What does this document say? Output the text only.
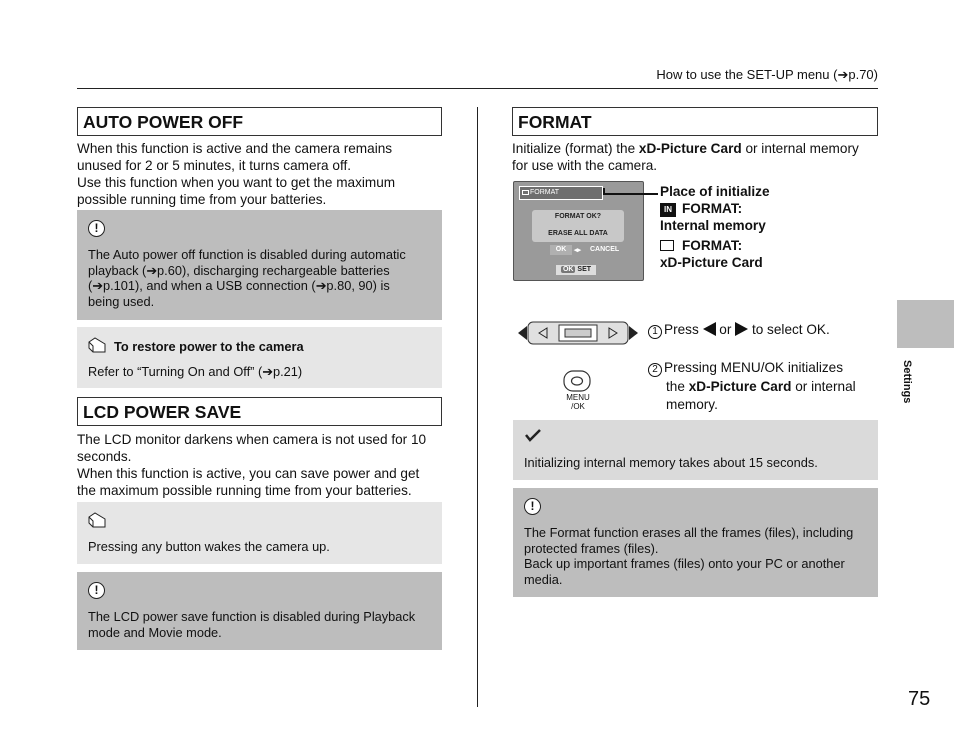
How to use the SET-UP menu (➔p.70)
AUTO POWER OFF
When this function is active and the camera remains
unused for 2 or 5 minutes, it turns camera off.
Use this function when you want to get the maximum
possible running time from your batteries.
!
The Auto power off function is disabled during automatic
playback (➔p.60), discharging rechargeable batteries
(➔p.101), and when a USB connection (➔p.80, 90) is
being used.
To restore power to the camera
Refer to “Turning On and Off” (➔p.21)
LCD POWER SAVE
The LCD monitor darkens when camera is not used for 10
seconds.
When this function is active, you can save power and get
the maximum possible running time from your batteries.
Pressing any button wakes the camera up.
!
The LCD power save function is disabled during Playback
mode and Movie mode.
FORMAT
Initialize (format) the xD-Picture Card or internal memory
for use with the camera.
FORMAT
FORMAT OK?
ERASE ALL DATA
OK	◂▸ CANCEL
OK SET
Place of initialize
IN FORMAT:
Internal memory
FORMAT:
xD-Picture Card
1 Press  or  to select OK.
MENU
/OK
2 Pressing MENU/OK initializes
the xD-Picture Card or internal
memory.
Initializing internal memory takes about 15 seconds.
!
The Format function erases all the frames (files), including
protected frames (files).
Back up important frames (files) onto your PC or another
media.
Settings
75
